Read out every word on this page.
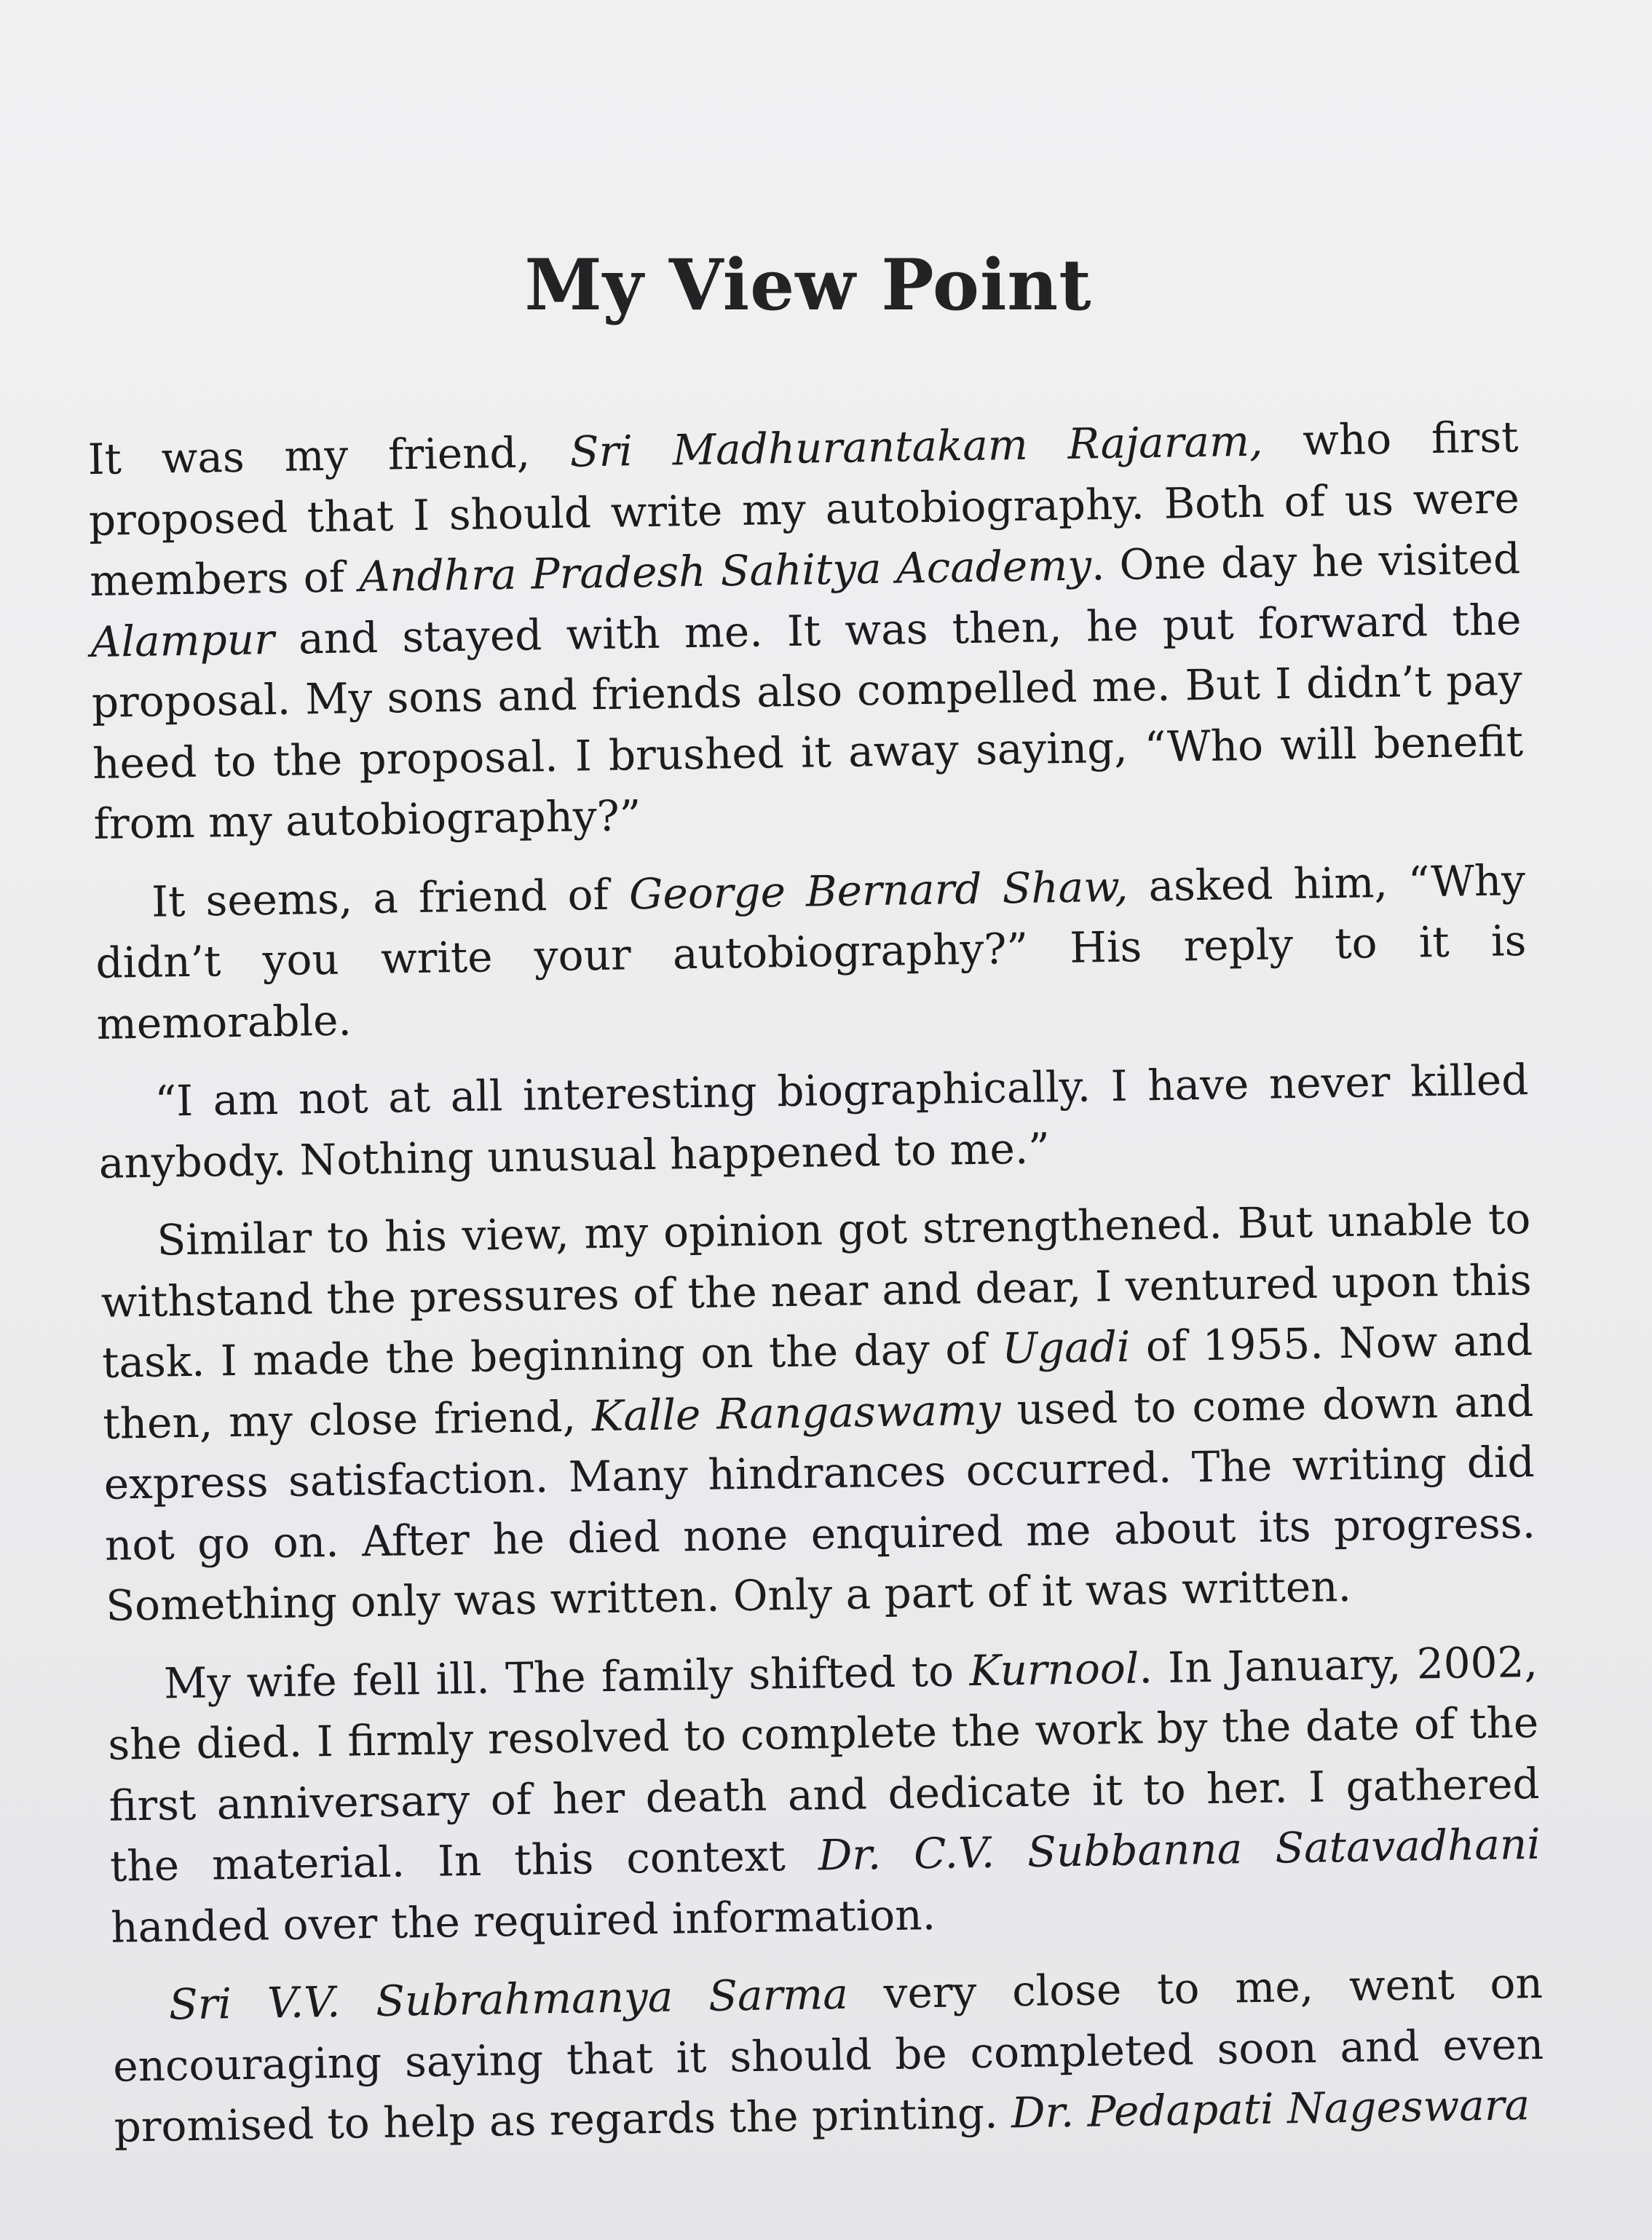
My View Point

It was my friend, Sri Madhurantakam Rajaram, who first proposed that I should write my autobiography. Both of us were members of Andhra Pradesh Sahitya Academy. One day he visited Alampur and stayed with me. It was then, he put forward the proposal. My sons and friends also compelled me. But I didn’t pay heed to the proposal. I brushed it away saying, “Who will benefit from my autobiography?”

It seems, a friend of George Bernard Shaw, asked him, “Why didn’t you write your autobiography?” His reply to it is memorable.

“I am not at all interesting biographically. I have never killed anybody. Nothing unusual happened to me.”

Similar to his view, my opinion got strengthened. But unable to withstand the pressures of the near and dear, I ventured upon this task. I made the beginning on the day of Ugadi of 1955. Now and then, my close friend, Kalle Rangaswamy used to come down and express satisfaction. Many hindrances occurred. The writing did not go on. After he died none enquired me about its progress. Something only was written. Only a part of it was written.

My wife fell ill. The family shifted to Kurnool. In January, 2002, she died. I firmly resolved to complete the work by the date of the first anniversary of her death and dedicate it to her. I gathered the material. In this context Dr. C.V. Subbanna Satavadhani handed over the required information.

Sri V.V. Subrahmanya Sarma very close to me, went on encouraging saying that it should be completed soon and even promised to help as regards the printing. Dr. Pedapati Nageswara
